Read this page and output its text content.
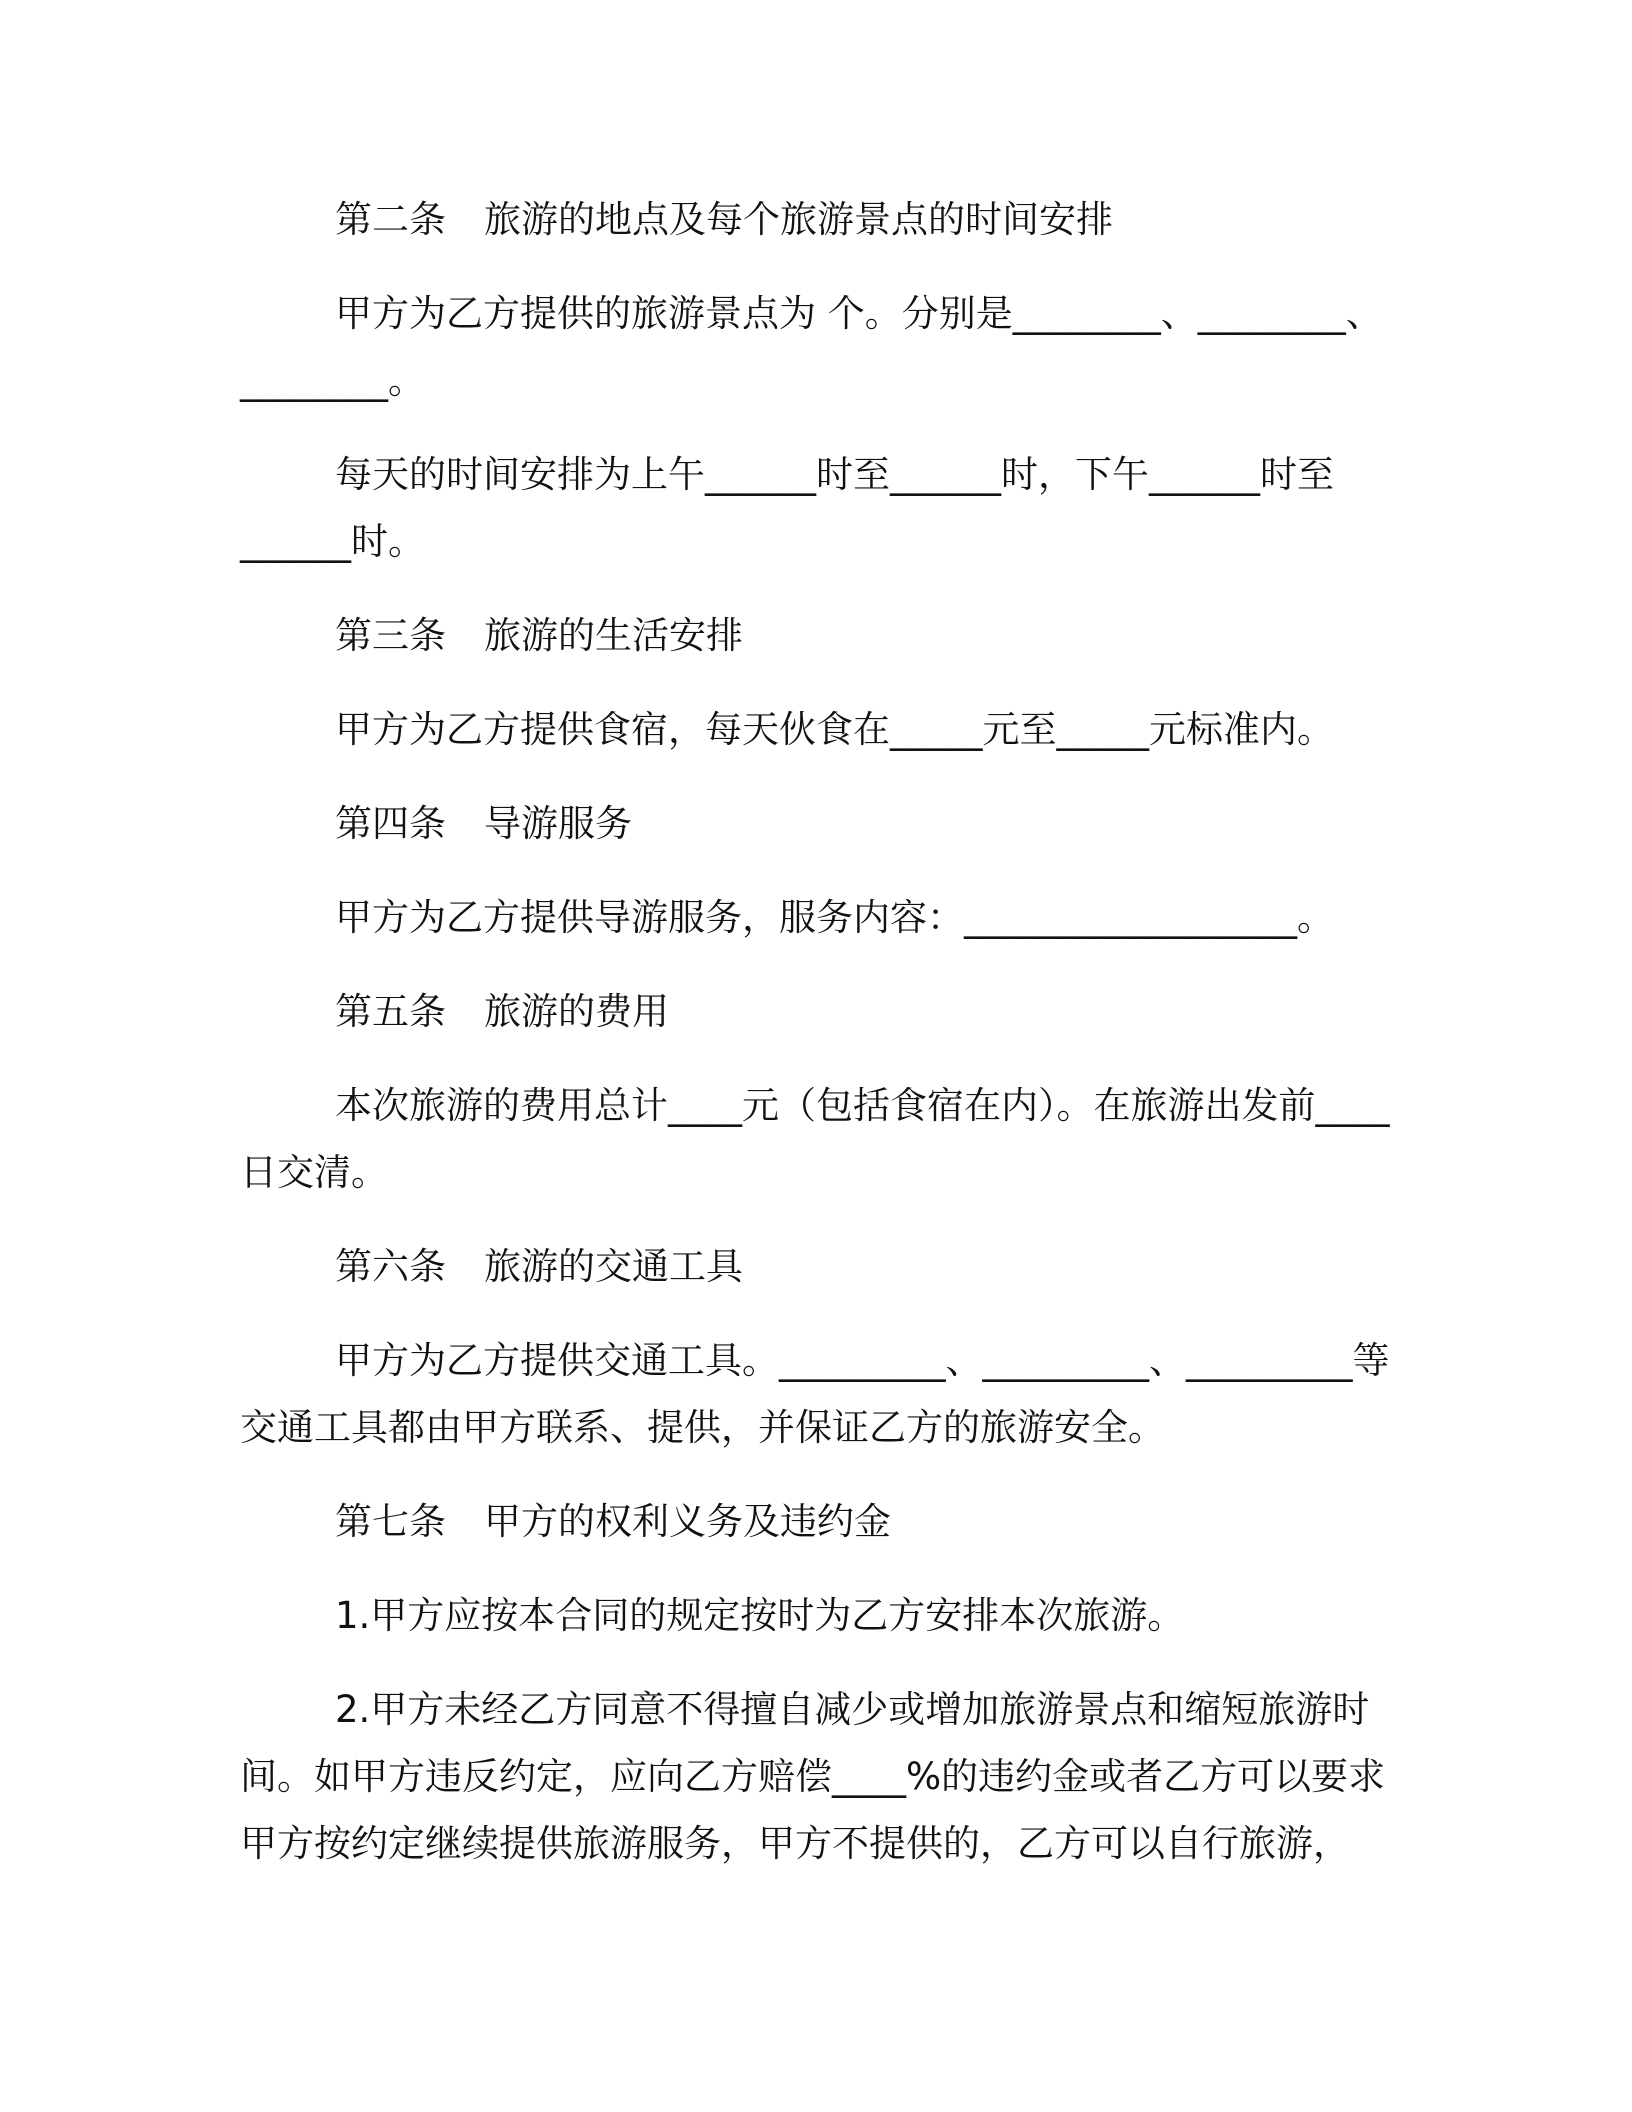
第二条 旅游的地点及每个旅游景点的时间安排
甲方为乙方提供的旅游景点为 个。分别是________、________、________。
每天的时间安排为上午______时至______时，下午______时至______时。
第三条 旅游的生活安排
甲方为乙方提供食宿，每天伙食在_____元至_____元标准内。
第四条 导游服务
甲方为乙方提供导游服务，服务内容：__________________。
第五条 旅游的费用
本次旅游的费用总计____元（包括食宿在内）。在旅游出发前____日交清。
第六条 旅游的交通工具
甲方为乙方提供交通工具。_________、_________、_________等交通工具都由甲方联系、提供，并保证乙方的旅游安全。
第七条 甲方的权利义务及违约金
1.甲方应按本合同的规定按时为乙方安排本次旅游。
2.甲方未经乙方同意不得擅自减少或增加旅游景点和缩短旅游时间。如甲方违反约定，应向乙方赔偿____%的违约金或者乙方可以要求甲方按约定继续提供旅游服务，甲方不提供的，乙方可以自行旅游，
